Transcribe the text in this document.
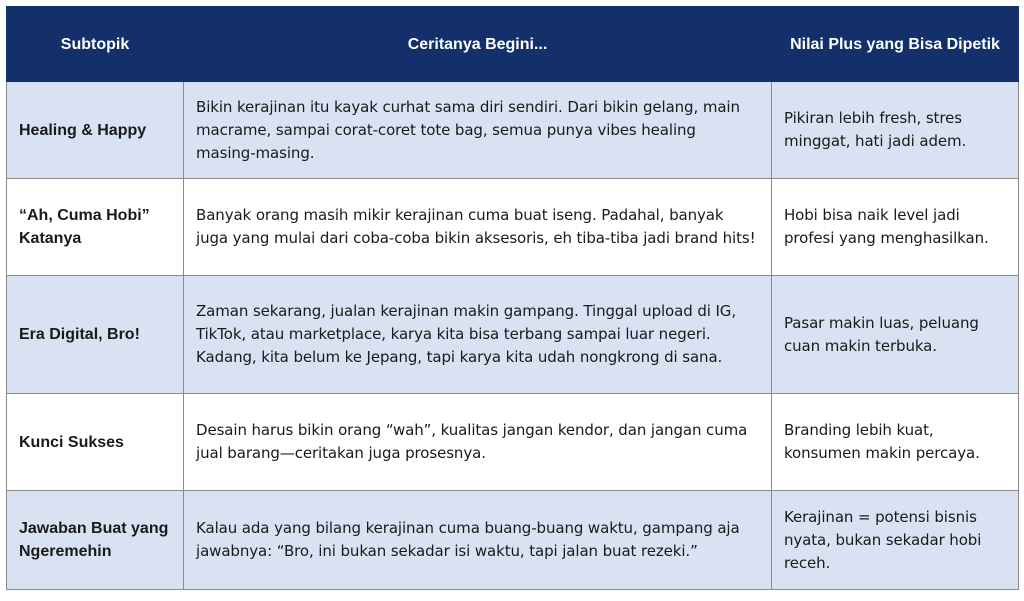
Subtopik	Ceritanya Begini...	Nilai Plus yang Bisa Dipetik
Healing & Happy	Bikin kerajinan itu kayak curhat sama diri sendiri. Dari bikin gelang, main macrame, sampai corat-coret tote bag, semua punya vibes healing masing-masing.	Pikiran lebih fresh, stres minggat, hati jadi adem.
“Ah, Cuma Hobi” Katanya	Banyak orang masih mikir kerajinan cuma buat iseng. Padahal, banyak juga yang mulai dari coba-coba bikin aksesoris, eh tiba-tiba jadi brand hits!	Hobi bisa naik level jadi profesi yang menghasilkan.
Era Digital, Bro!	Zaman sekarang, jualan kerajinan makin gampang. Tinggal upload di IG, TikTok, atau marketplace, karya kita bisa terbang sampai luar negeri. Kadang, kita belum ke Jepang, tapi karya kita udah nongkrong di sana.	Pasar makin luas, peluang cuan makin terbuka.
Kunci Sukses	Desain harus bikin orang “wah”, kualitas jangan kendor, dan jangan cuma jual barang—ceritakan juga prosesnya.	Branding lebih kuat, konsumen makin percaya.
Jawaban Buat yang Ngeremehin	Kalau ada yang bilang kerajinan cuma buang-buang waktu, gampang aja jawabnya: “Bro, ini bukan sekadar isi waktu, tapi jalan buat rezeki.”	Kerajinan = potensi bisnis nyata, bukan sekadar hobi receh.
